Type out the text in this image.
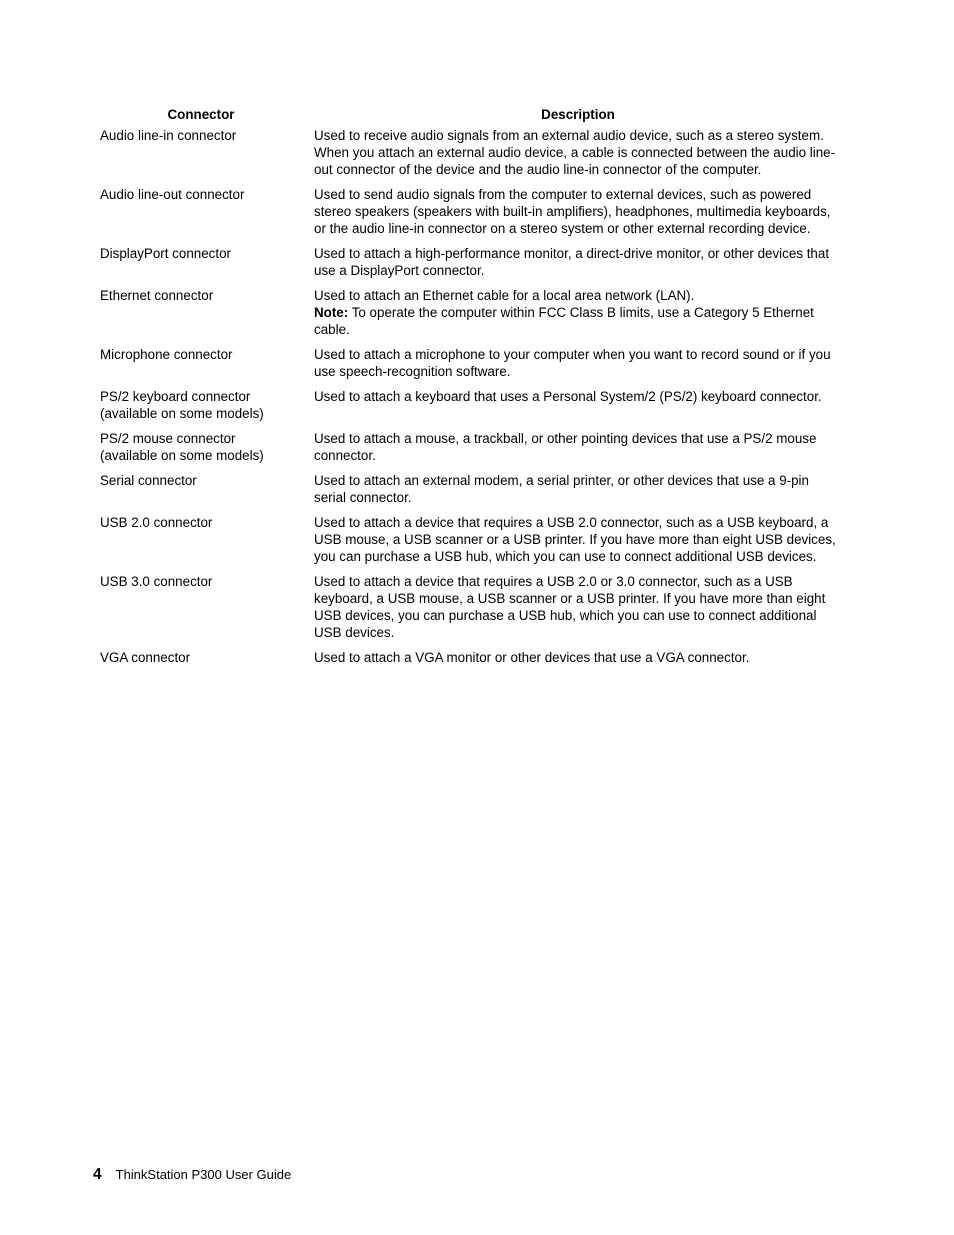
Connector	Description
Audio line-in connector	Used to receive audio signals from an external audio device, such as a stereo system. When you attach an external audio device, a cable is connected between the audio line-out connector of the device and the audio line-in connector of the computer.
Audio line-out connector	Used to send audio signals from the computer to external devices, such as powered stereo speakers (speakers with built-in amplifiers), headphones, multimedia keyboards, or the audio line-in connector on a stereo system or other external recording device.
DisplayPort connector	Used to attach a high-performance monitor, a direct-drive monitor, or other devices that use a DisplayPort connector.
Ethernet connector	Used to attach an Ethernet cable for a local area network (LAN).
Note: To operate the computer within FCC Class B limits, use a Category 5 Ethernet cable.

Microphone connector	Used to attach a microphone to your computer when you want to record sound or if you use speech-recognition software.

PS/2 keyboard connector
(available on some models)	Used to attach a keyboard that uses a Personal System/2 (PS/2) keyboard connector.

PS/2 mouse connector
(available on some models)	Used to attach a mouse, a trackball, or other pointing devices that use a PS/2 mouse connector.
Serial connector	Used to attach an external modem, a serial printer, or other devices that use a 9-pin serial connector.
USB 2.0 connector	Used to attach a device that requires a USB 2.0 connector, such as a USB keyboard, a USB mouse, a USB scanner or a USB printer. If you have more than eight USB devices, you can purchase a USB hub, which you can use to connect additional USB devices.
USB 3.0 connector	Used to attach a device that requires a USB 2.0 or 3.0 connector, such as a USB keyboard, a USB mouse, a USB scanner or a USB printer. If you have more than eight USB devices, you can purchase a USB hub, which you can use to connect additional USB devices.
VGA connector	Used to attach a VGA monitor or other devices that use a VGA connector.
4 ThinkStation P300 User Guide
